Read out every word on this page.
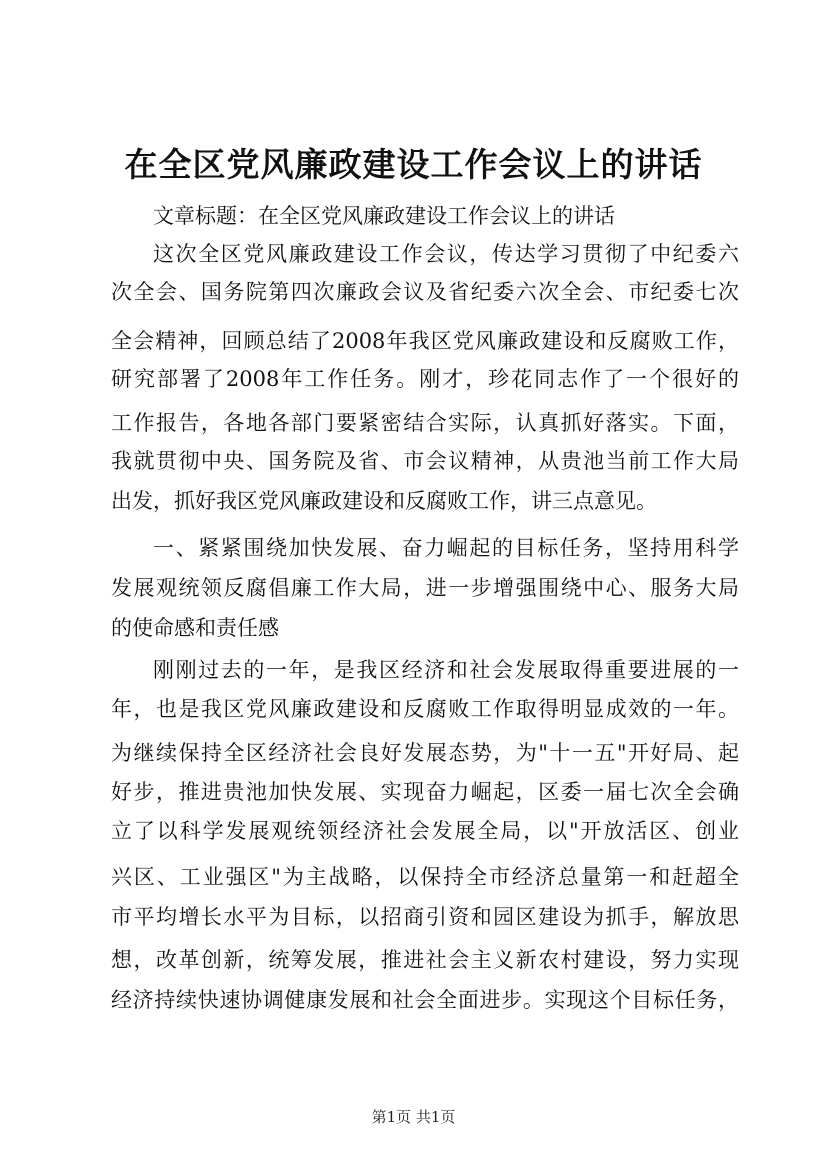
在全区党风廉政建设工作会议上的讲话
文章标题：在全区党风廉政建设工作会议上的讲话
这次全区党风廉政建设工作会议，传达学习贯彻了中纪委六
次全会、国务院第四次廉政会议及省纪委六次全会、市纪委七次
全会精神，回顾总结了2008年我区党风廉政建设和反腐败工作，
研究部署了2008年工作任务。刚才，珍花同志作了一个很好的
工作报告，各地各部门要紧密结合实际，认真抓好落实。下面，
我就贯彻中央、国务院及省、市会议精神，从贵池当前工作大局
出发，抓好我区党风廉政建设和反腐败工作，讲三点意见。
一、紧紧围绕加快发展、奋力崛起的目标任务，坚持用科学
发展观统领反腐倡廉工作大局，进一步增强围绕中心、服务大局
的使命感和责任感
刚刚过去的一年，是我区经济和社会发展取得重要进展的一
年，也是我区党风廉政建设和反腐败工作取得明显成效的一年。
为继续保持全区经济社会良好发展态势，为"十一五"开好局、起
好步，推进贵池加快发展、实现奋力崛起，区委一届七次全会确
立了以科学发展观统领经济社会发展全局，以"开放活区、创业
兴区、工业强区"为主战略，以保持全市经济总量第一和赶超全
市平均增长水平为目标，以招商引资和园区建设为抓手，解放思
想，改革创新，统筹发展，推进社会主义新农村建设，努力实现
经济持续快速协调健康发展和社会全面进步。实现这个目标任务，
第1页 共1页
